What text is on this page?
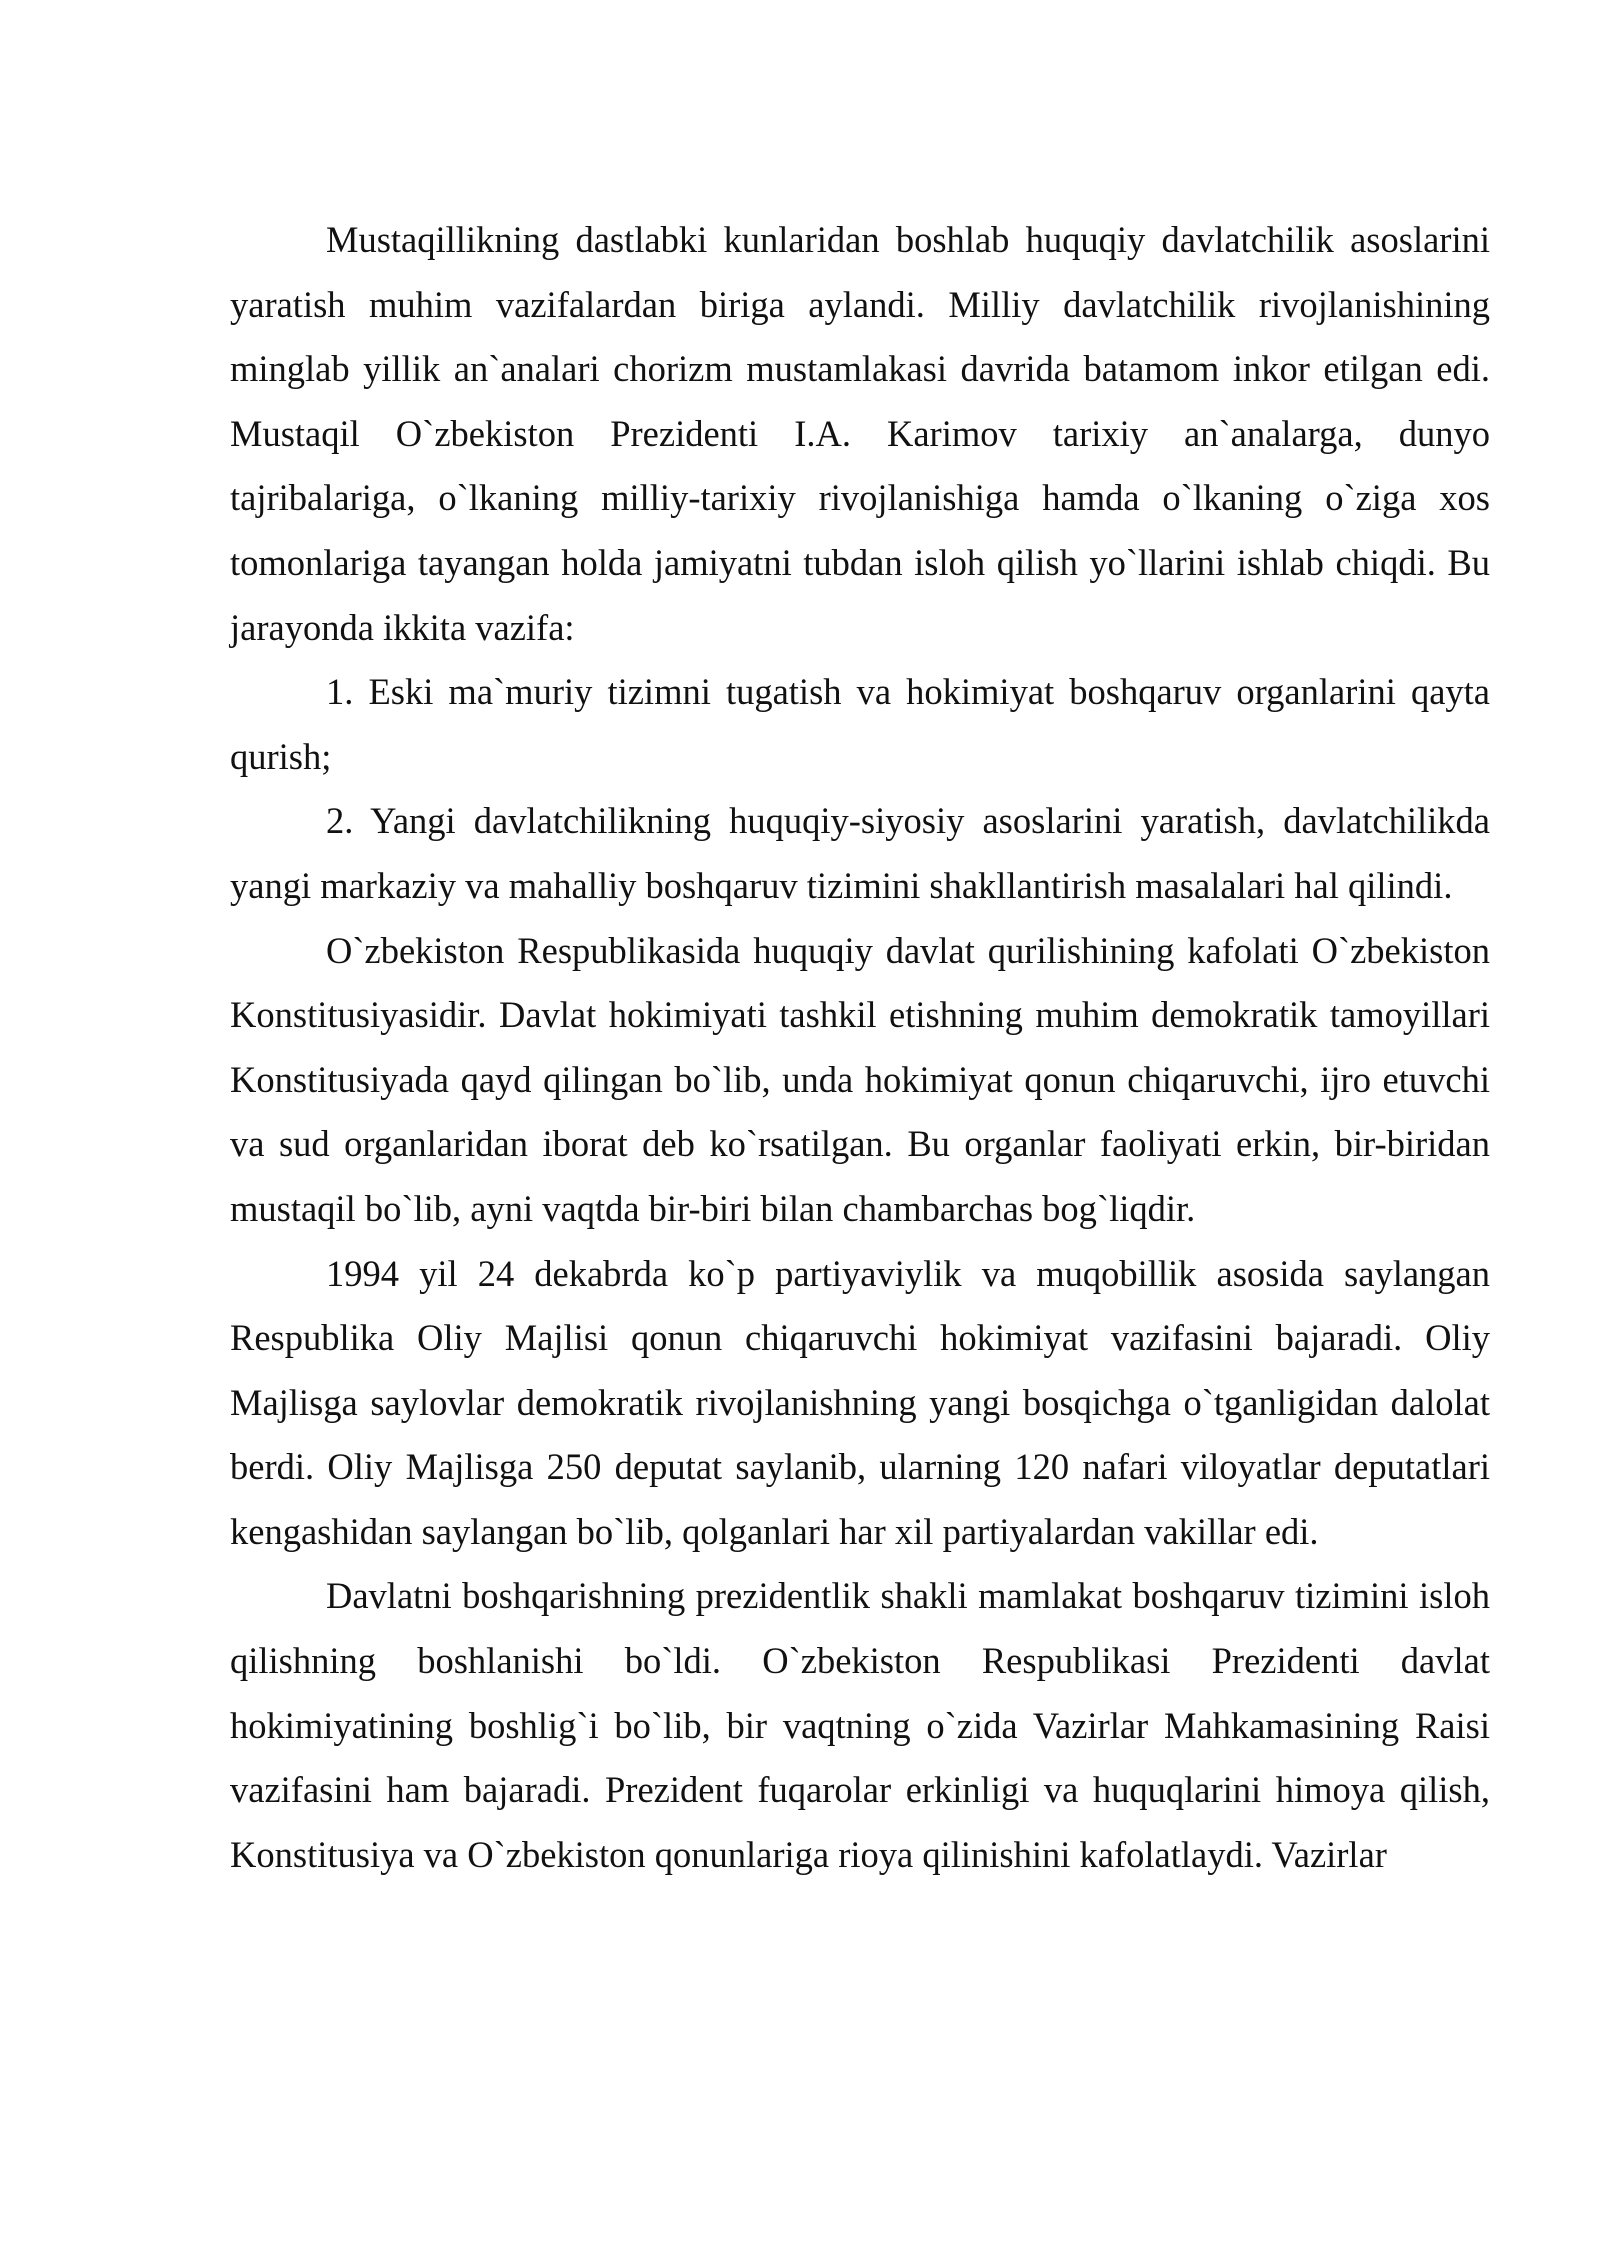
Mustaqillikning dastlabki kunlaridan boshlab huquqiy davlatchilik asoslarini yaratish muhim vazifalardan biriga aylandi. Milliy davlatchilik rivojlanishining minglab yillik an`analari chorizm mustamlakasi davrida batamom inkor etilgan edi. Mustaqil O`zbekiston Prezidenti I.A. Karimov tarixiy an`analarga, dunyo tajribalariga, o`lkaning milliy-tarixiy rivojlanishiga hamda o`lkaning o`ziga xos tomonlariga tayangan holda jamiyatni tubdan isloh qilish yo`llarini ishlab chiqdi. Bu jarayonda ikkita vazifa:

1. Eski ma`muriy tizimni tugatish va hokimiyat boshqaruv organlarini qayta qurish;

2. Yangi davlatchilikning huquqiy-siyosiy asoslarini yaratish, davlatchilikda yangi markaziy va mahalliy boshqaruv tizimini shakllantirish masalalari hal qilindi.

O`zbekiston Respublikasida huquqiy davlat qurilishining kafolati O`zbekiston Konstitusiyasidir. Davlat hokimiyati tashkil etishning muhim demokratik tamoyillari Konstitusiyada qayd qilingan bo`lib, unda hokimiyat qonun chiqaruvchi, ijro etuvchi va sud organlaridan iborat deb ko`rsatilgan. Bu organlar faoliyati erkin, bir-biridan mustaqil bo`lib, ayni vaqtda bir-biri bilan chambarchas bog`liqdir.

1994 yil 24 dekabrda ko`p partiyaviylik va muqobillik asosida saylangan Respublika Oliy Majlisi qonun chiqaruvchi hokimiyat vazifasini bajaradi. Oliy Majlisga saylovlar demokratik rivojlanishning yangi bosqichga o`tganligidan dalolat berdi. Oliy Majlisga 250 deputat saylanib, ularning 120 nafari viloyatlar deputatlari kengashidan saylangan bo`lib, qolganlari har xil partiyalardan vakillar edi.

Davlatni boshqarishning prezidentlik shakli mamlakat boshqaruv tizimini isloh qilishning boshlanishi bo`ldi. O`zbekiston Respublikasi Prezidenti davlat hokimiyatining boshlig`i bo`lib, bir vaqtning o`zida Vazirlar Mahkamasining Raisi vazifasini ham bajaradi. Prezident fuqarolar erkinligi va huquqlarini himoya qilish, Konstitusiya va O`zbekiston qonunlariga rioya qilinishini kafolatlaydi. Vazirlar
